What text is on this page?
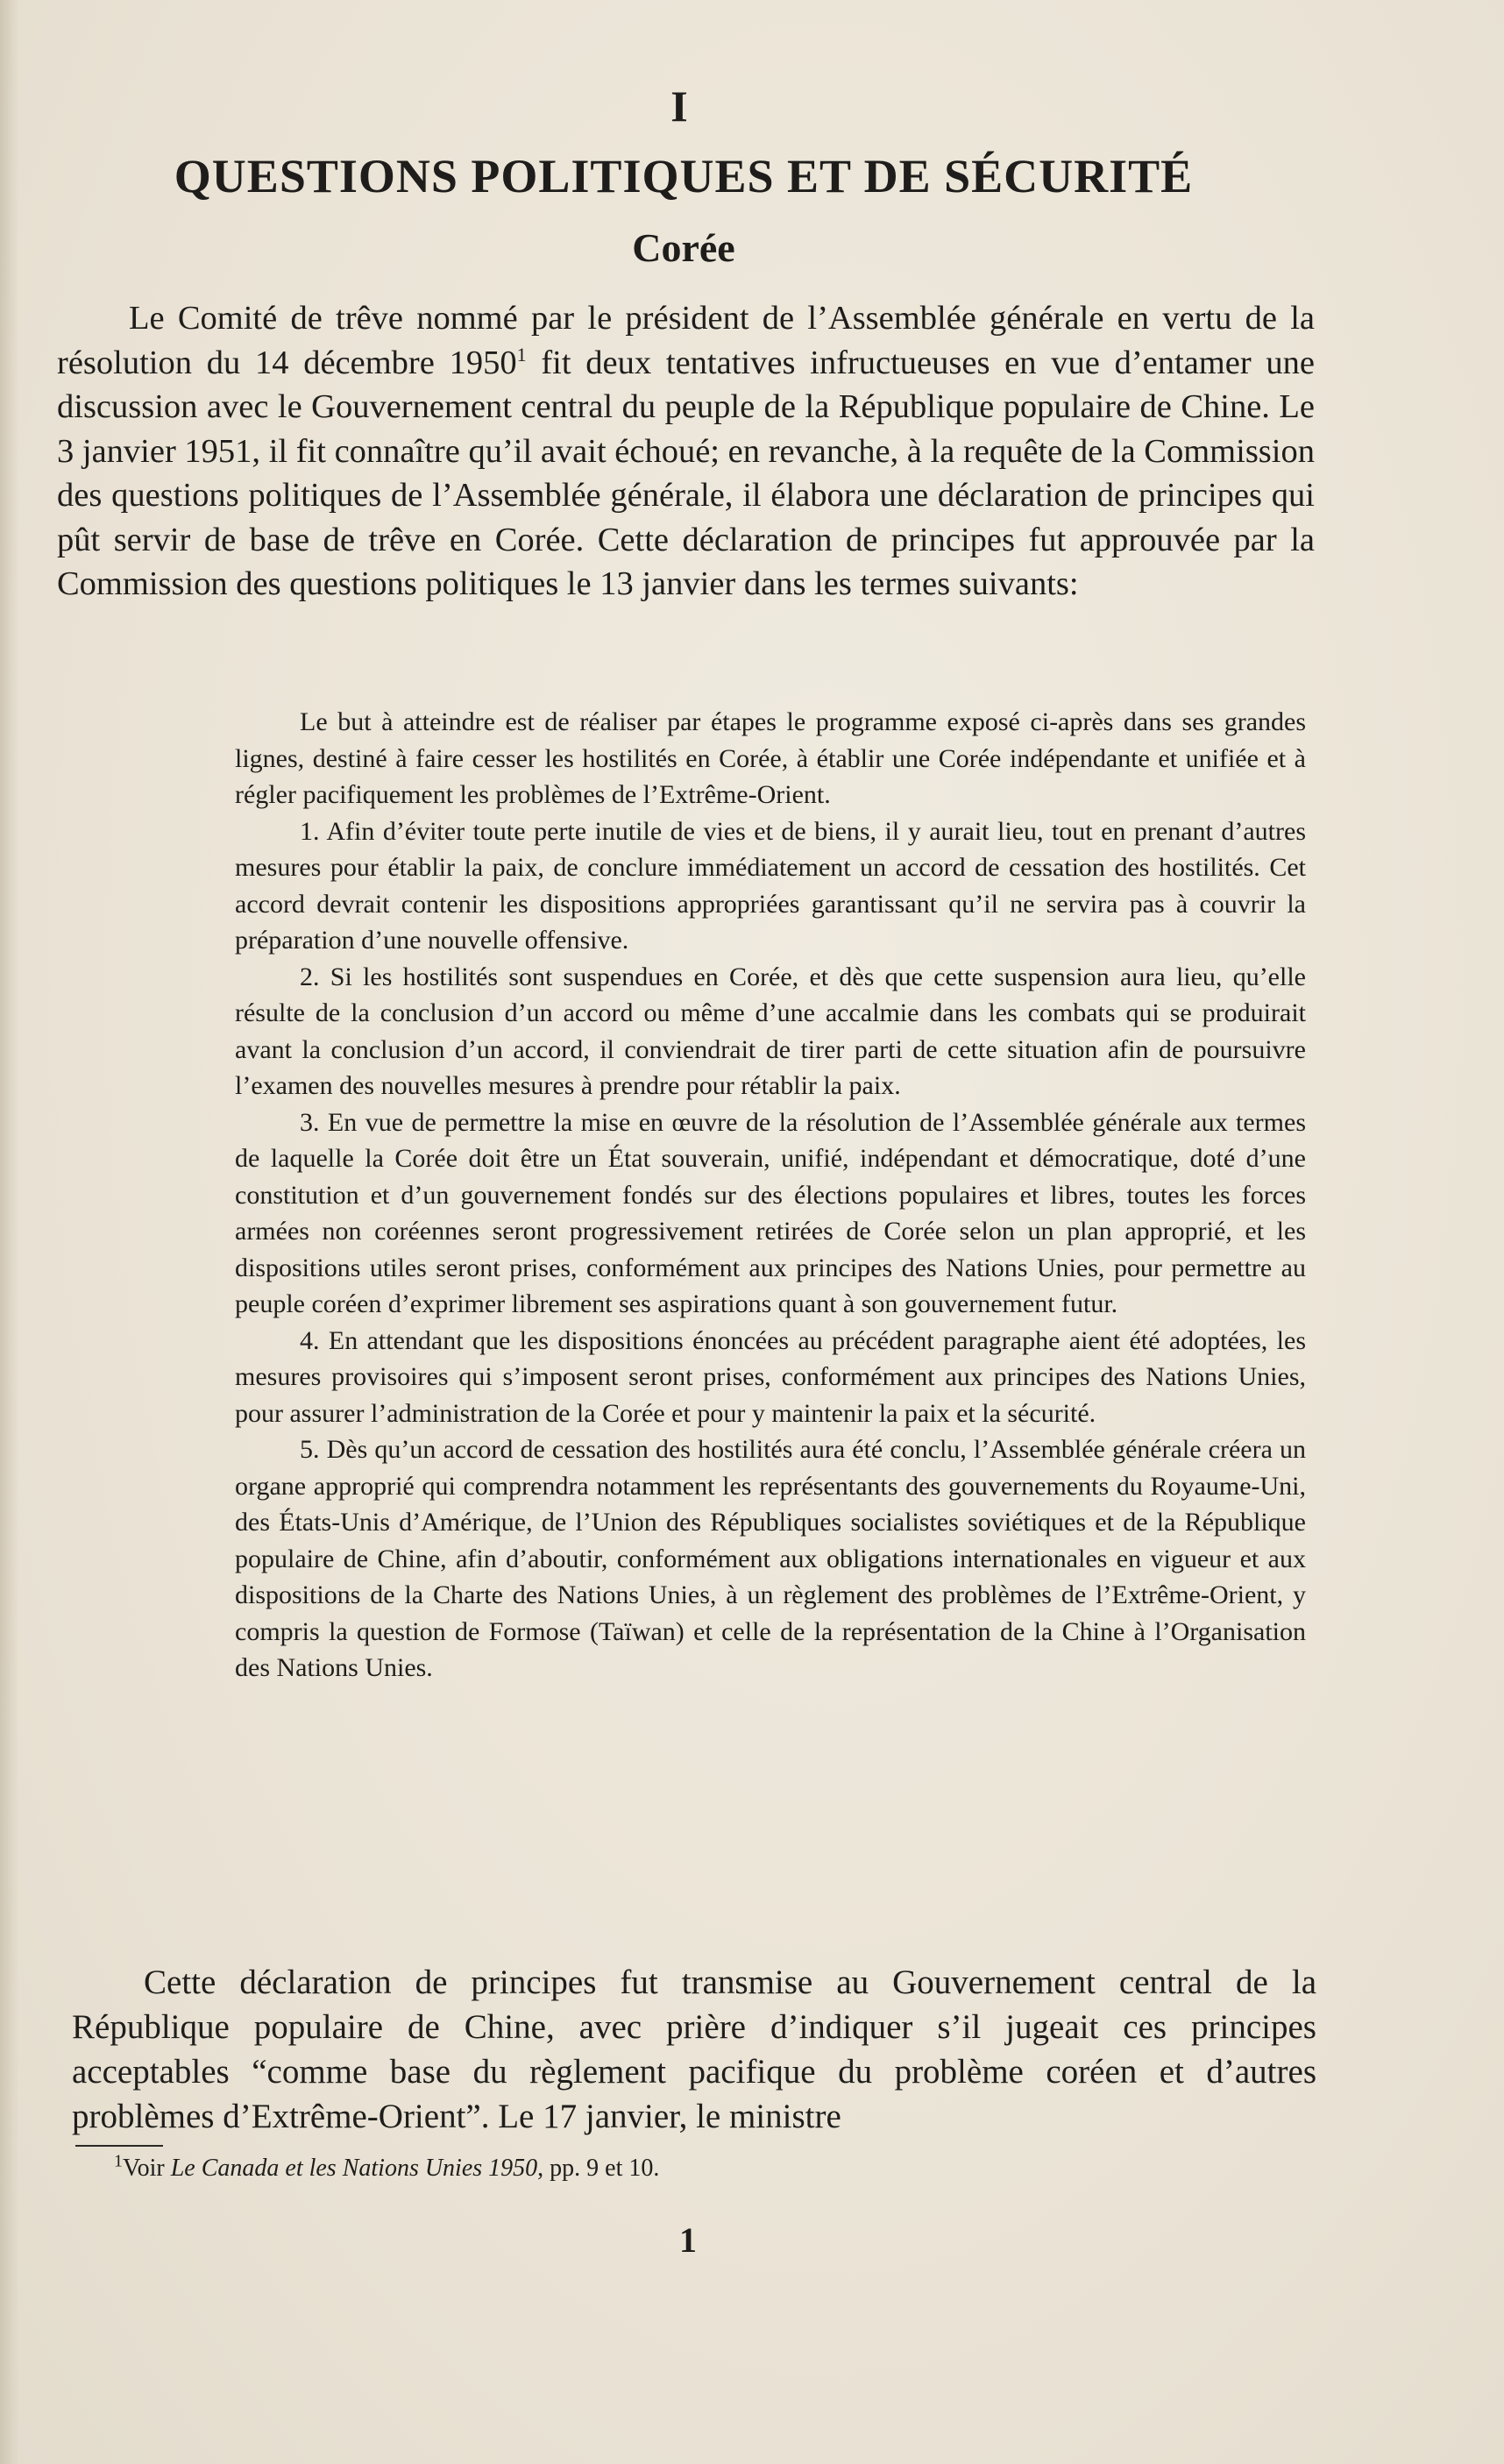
I
QUESTIONS POLITIQUES ET DE SÉCURITÉ
Corée

Le Comité de trêve nommé par le président de l’Assemblée générale en vertu de la résolution du 14 décembre 1950$^1$ fit deux tentatives infructueuses en vue d’entamer une discussion avec le Gouvernement central du peuple de la République populaire de Chine. Le 3 janvier 1951, il fit connaître qu’il avait échoué; en revanche, à la requête de la Commission des questions politiques de l’Assemblée générale, il élabora une déclaration de principes qui pût servir de base de trêve en Corée. Cette déclaration de principes fut approuvée par la Commission des questions politiques le 13 janvier dans les termes suivants:

Le but à atteindre est de réaliser par étapes le programme exposé ci-après dans ses grandes lignes, destiné à faire cesser les hostilités en Corée, à établir une Corée indépendante et unifiée et à régler pacifiquement les problèmes de l’Extrême-Orient.

1. Afin d’éviter toute perte inutile de vies et de biens, il y aurait lieu, tout en prenant d’autres mesures pour établir la paix, de conclure immédiatement un accord de cessation des hostilités. Cet accord devrait contenir les dispositions appropriées garantissant qu’il ne servira pas à couvrir la préparation d’une nouvelle offensive.

2. Si les hostilités sont suspendues en Corée, et dès que cette suspension aura lieu, qu’elle résulte de la conclusion d’un accord ou même d’une accalmie dans les combats qui se produirait avant la conclusion d’un accord, il conviendrait de tirer parti de cette situation afin de poursuivre l’examen des nouvelles mesures à prendre pour rétablir la paix.

3. En vue de permettre la mise en œuvre de la résolution de l’Assemblée générale aux termes de laquelle la Corée doit être un État souverain, unifié, indépendant et démocratique, doté d’une constitution et d’un gouvernement fondés sur des élections populaires et libres, toutes les forces armées non coréennes seront progressivement retirées de Corée selon un plan approprié, et les dispositions utiles seront prises, conformément aux principes des Nations Unies, pour permettre au peuple coréen d’exprimer librement ses aspirations quant à son gouvernement futur.

4. En attendant que les dispositions énoncées au précédent paragraphe aient été adoptées, les mesures provisoires qui s’imposent seront prises, conformément aux principes des Nations Unies, pour assurer l’administration de la Corée et pour y maintenir la paix et la sécurité.

5. Dès qu’un accord de cessation des hostilités aura été conclu, l’Assemblée générale créera un organe approprié qui comprendra notamment les représentants des gouvernements du Royaume-Uni, des États-Unis d’Amérique, de l’Union des Républiques socialistes soviétiques et de la République populaire de Chine, afin d’aboutir, conformément aux obligations internationales en vigueur et aux dispositions de la Charte des Nations Unies, à un règlement des problèmes de l’Extrême-Orient, y compris la question de Formose (Taïwan) et celle de la représentation de la Chine à l’Organisation des Nations Unies.

Cette déclaration de principes fut transmise au Gouvernement central de la République populaire de Chine, avec prière d’indiquer s’il jugeait ces principes acceptables “comme base du règlement pacifique du problème coréen et d’autres problèmes d’Extrême-Orient”. Le 17 janvier, le ministre

$^1$Voir Le Canada et les Nations Unies 1950, pp. 9 et 10.
1
